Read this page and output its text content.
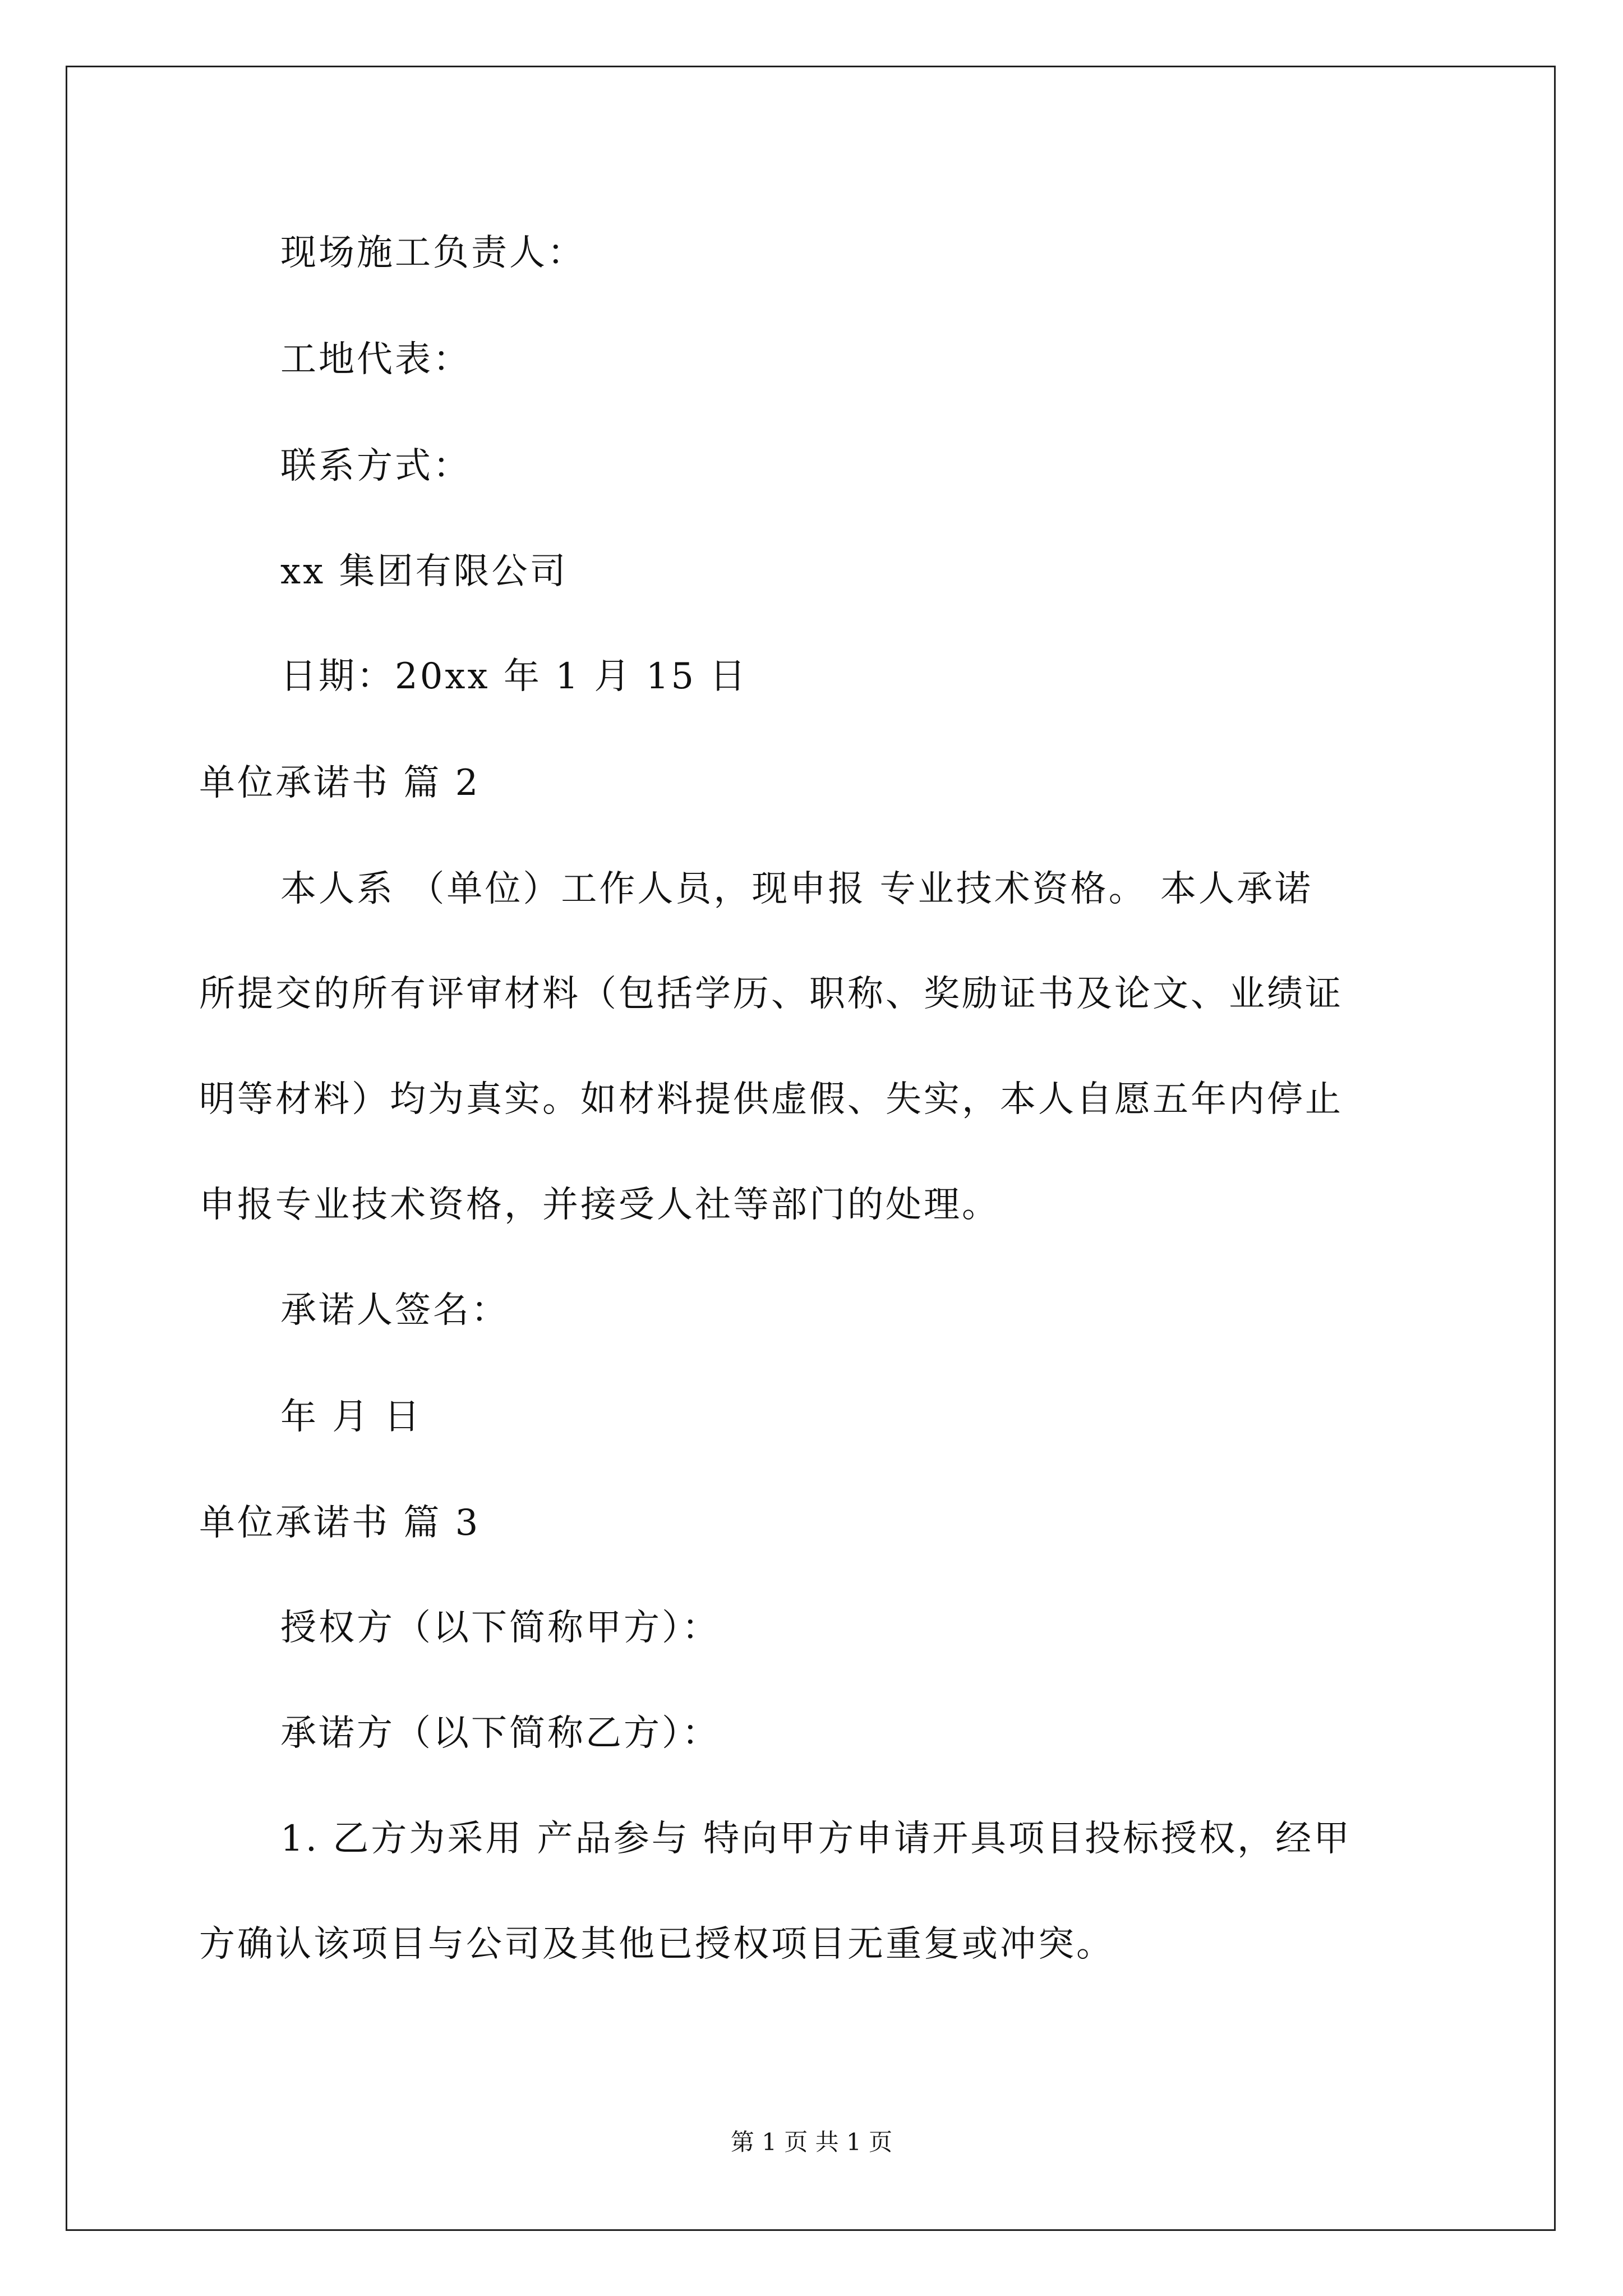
现场施工负责人：
工地代表：
联系方式：
xx 集团有限公司
日期：20xx 年 1 月 15 日
单位承诺书 篇 2
本人系 （单位）工作人员，现申报 专业技术资格。 本人承诺
所提交的所有评审材料（包括学历、职称、奖励证书及论文、业绩证
明等材料）均为真实。如材料提供虚假、失实，本人自愿五年内停止
申报专业技术资格，并接受人社等部门的处理。
承诺人签名：
年 月 日
单位承诺书 篇 3
授权方（以下简称甲方）：
承诺方（以下简称乙方）：
1. 乙方为采用 产品参与 特向甲方申请开具项目投标授权，经甲
方确认该项目与公司及其他已授权项目无重复或冲突。
第 1 页 共 1 页
